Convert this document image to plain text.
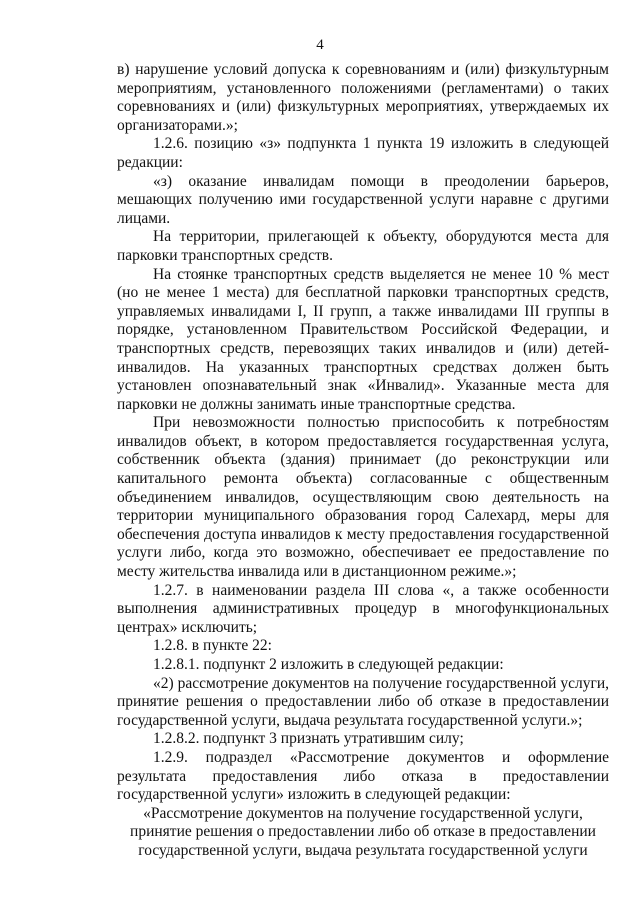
4

в) нарушение условий допуска к соревнованиям и (или) физкультурным мероприятиям, установленного положениями (регламентами) о таких соревнованиях и (или) физкультурных мероприятиях, утверждаемых их организаторами.»;

1.2.6. позицию «з» подпункта 1 пункта 19 изложить в следующей редакции:

«з) оказание инвалидам помощи в преодолении барьеров, мешающих получению ими государственной услуги наравне с другими лицами.

На территории, прилегающей к объекту, оборудуются места для парковки транспортных средств.

На стоянке транспортных средств выделяется не менее 10 % мест (но не менее 1 места) для бесплатной парковки транспортных средств, управляемых инвалидами I, II групп, а также инвалидами III группы в порядке, установленном Правительством Российской Федерации, и транспортных средств, перевозящих таких инвалидов и (или) детей-инвалидов. На указанных транспортных средствах должен быть установлен опознавательный знак «Инвалид». Указанные места для парковки не должны занимать иные транспортные средства.

При невозможности полностью приспособить к потребностям инвалидов объект, в котором предоставляется государственная услуга, собственник объекта (здания) принимает (до реконструкции или капитального ремонта объекта) согласованные с общественным объединением инвалидов, осуществляющим свою деятельность на территории муниципального образования город Салехард, меры для обеспечения доступа инвалидов к месту предоставления государственной услуги либо, когда это возможно, обеспечивает ее предоставление по месту жительства инвалида или в дистанционном режиме.»;

1.2.7. в наименовании раздела III слова «, а также особенности выполнения административных процедур в многофункциональных центрах» исключить;

1.2.8. в пункте 22:

1.2.8.1. подпункт 2 изложить в следующей редакции:

«2) рассмотрение документов на получение государственной услуги, принятие решения о предоставлении либо об отказе в предоставлении государственной услуги, выдача результата государственной услуги.»;

1.2.8.2. подпункт 3 признать утратившим силу;

1.2.9. подраздел «Рассмотрение документов и оформление результата предоставления либо отказа в предоставлении государственной услуги» изложить в следующей редакции:

«Рассмотрение документов на получение государственной услуги, принятие решения о предоставлении либо об отказе в предоставлении государственной услуги, выдача результата государственной услуги
